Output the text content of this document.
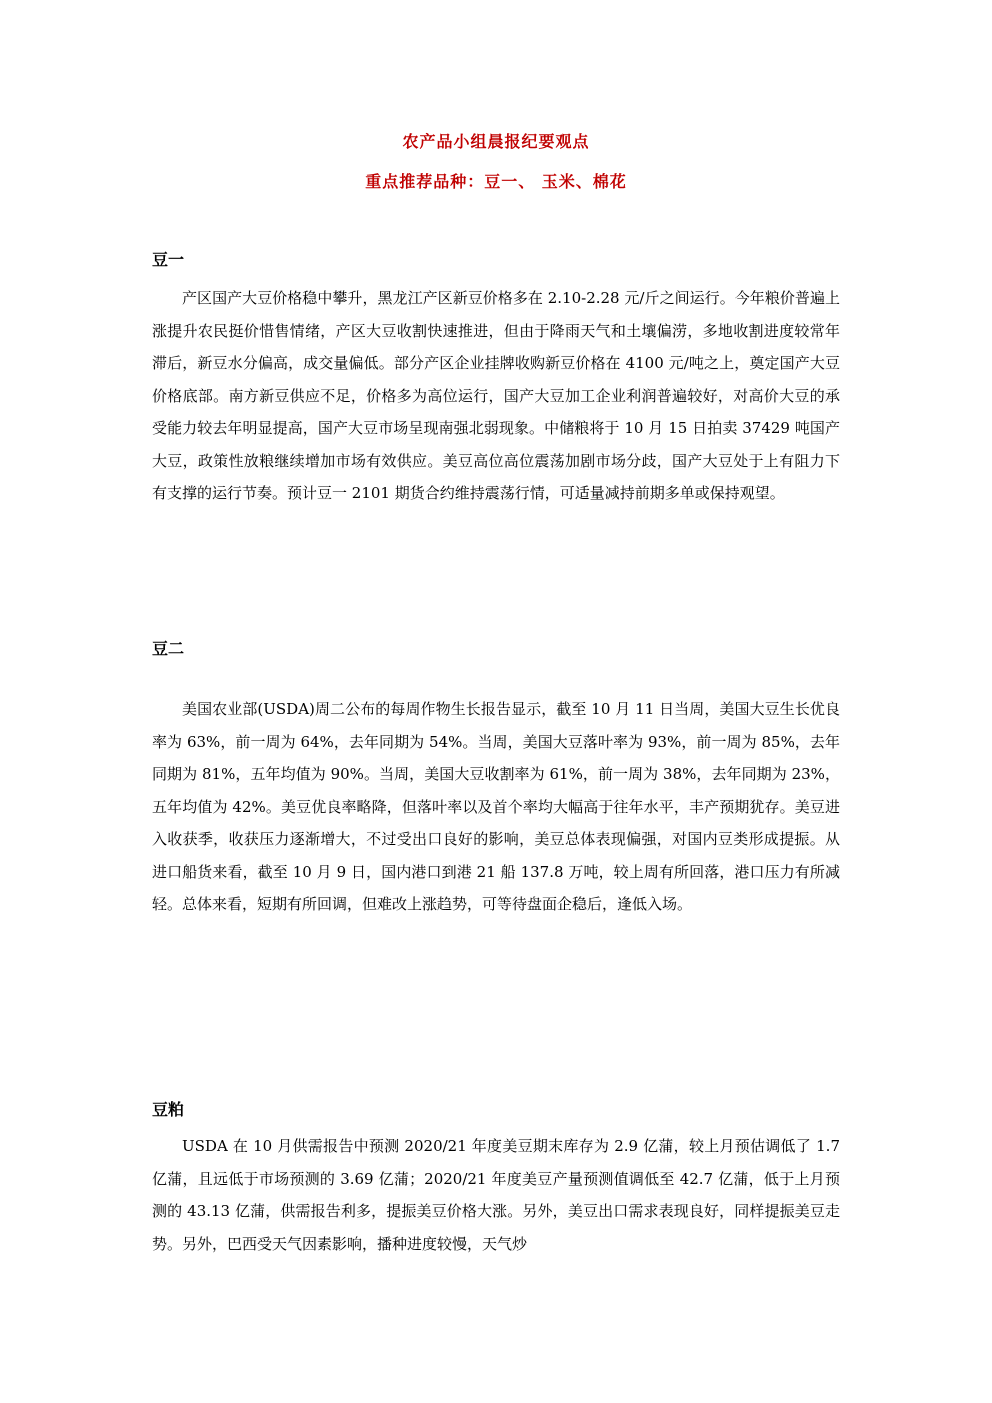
农产品小组晨报纪要观点
重点推荐品种：豆一、 玉米、棉花
豆一

产区国产大豆价格稳中攀升，黑龙江产区新豆价格多在 2.10-2.28 元/斤之间运行。今年粮价普遍上涨提升农民挺价惜售情绪，产区大豆收割快速推进，但由于降雨天气和土壤偏涝，多地收割进度较常年滞后，新豆水分偏高，成交量偏低。部分产区企业挂牌收购新豆价格在 4100 元/吨之上，奠定国产大豆价格底部。南方新豆供应不足，价格多为高位运行，国产大豆加工企业利润普遍较好，对高价大豆的承受能力较去年明显提高，国产大豆市场呈现南强北弱现象。中储粮将于 10 月 15 日拍卖 37429 吨国产大豆，政策性放粮继续增加市场有效供应。美豆高位高位震荡加剧市场分歧，国产大豆处于上有阻力下有支撑的运行节奏。预计豆一 2101 期货合约维持震荡行情，可适量减持前期多单或保持观望。

豆二

美国农业部(USDA)周二公布的每周作物生长报告显示，截至 10 月 11 日当周，美国大豆生长优良率为 63%，前一周为 64%，去年同期为 54%。当周，美国大豆落叶率为 93%，前一周为 85%，去年同期为 81%，五年均值为 90%。当周，美国大豆收割率为 61%，前一周为 38%，去年同期为 23%，五年均值为 42%。美豆优良率略降，但落叶率以及首个率均大幅高于往年水平，丰产预期犹存。美豆进入收获季，收获压力逐渐增大，不过受出口良好的影响，美豆总体表现偏强，对国内豆类形成提振。从进口船货来看，截至 10 月 9 日，国内港口到港 21 船 137.8 万吨，较上周有所回落，港口压力有所减轻。总体来看，短期有所回调，但难改上涨趋势，可等待盘面企稳后，逢低入场。

豆粕

USDA 在 10 月供需报告中预测 2020/21 年度美豆期末库存为 2.9 亿蒲，较上月预估调低了 1.7 亿蒲，且远低于市场预测的 3.69 亿蒲；2020/21 年度美豆产量预测值调低至 42.7 亿蒲，低于上月预测的 43.13 亿蒲，供需报告利多，提振美豆价格大涨。另外，美豆出口需求表现良好，同样提振美豆走势。另外，巴西受天气因素影响，播种进度较慢，天气炒
